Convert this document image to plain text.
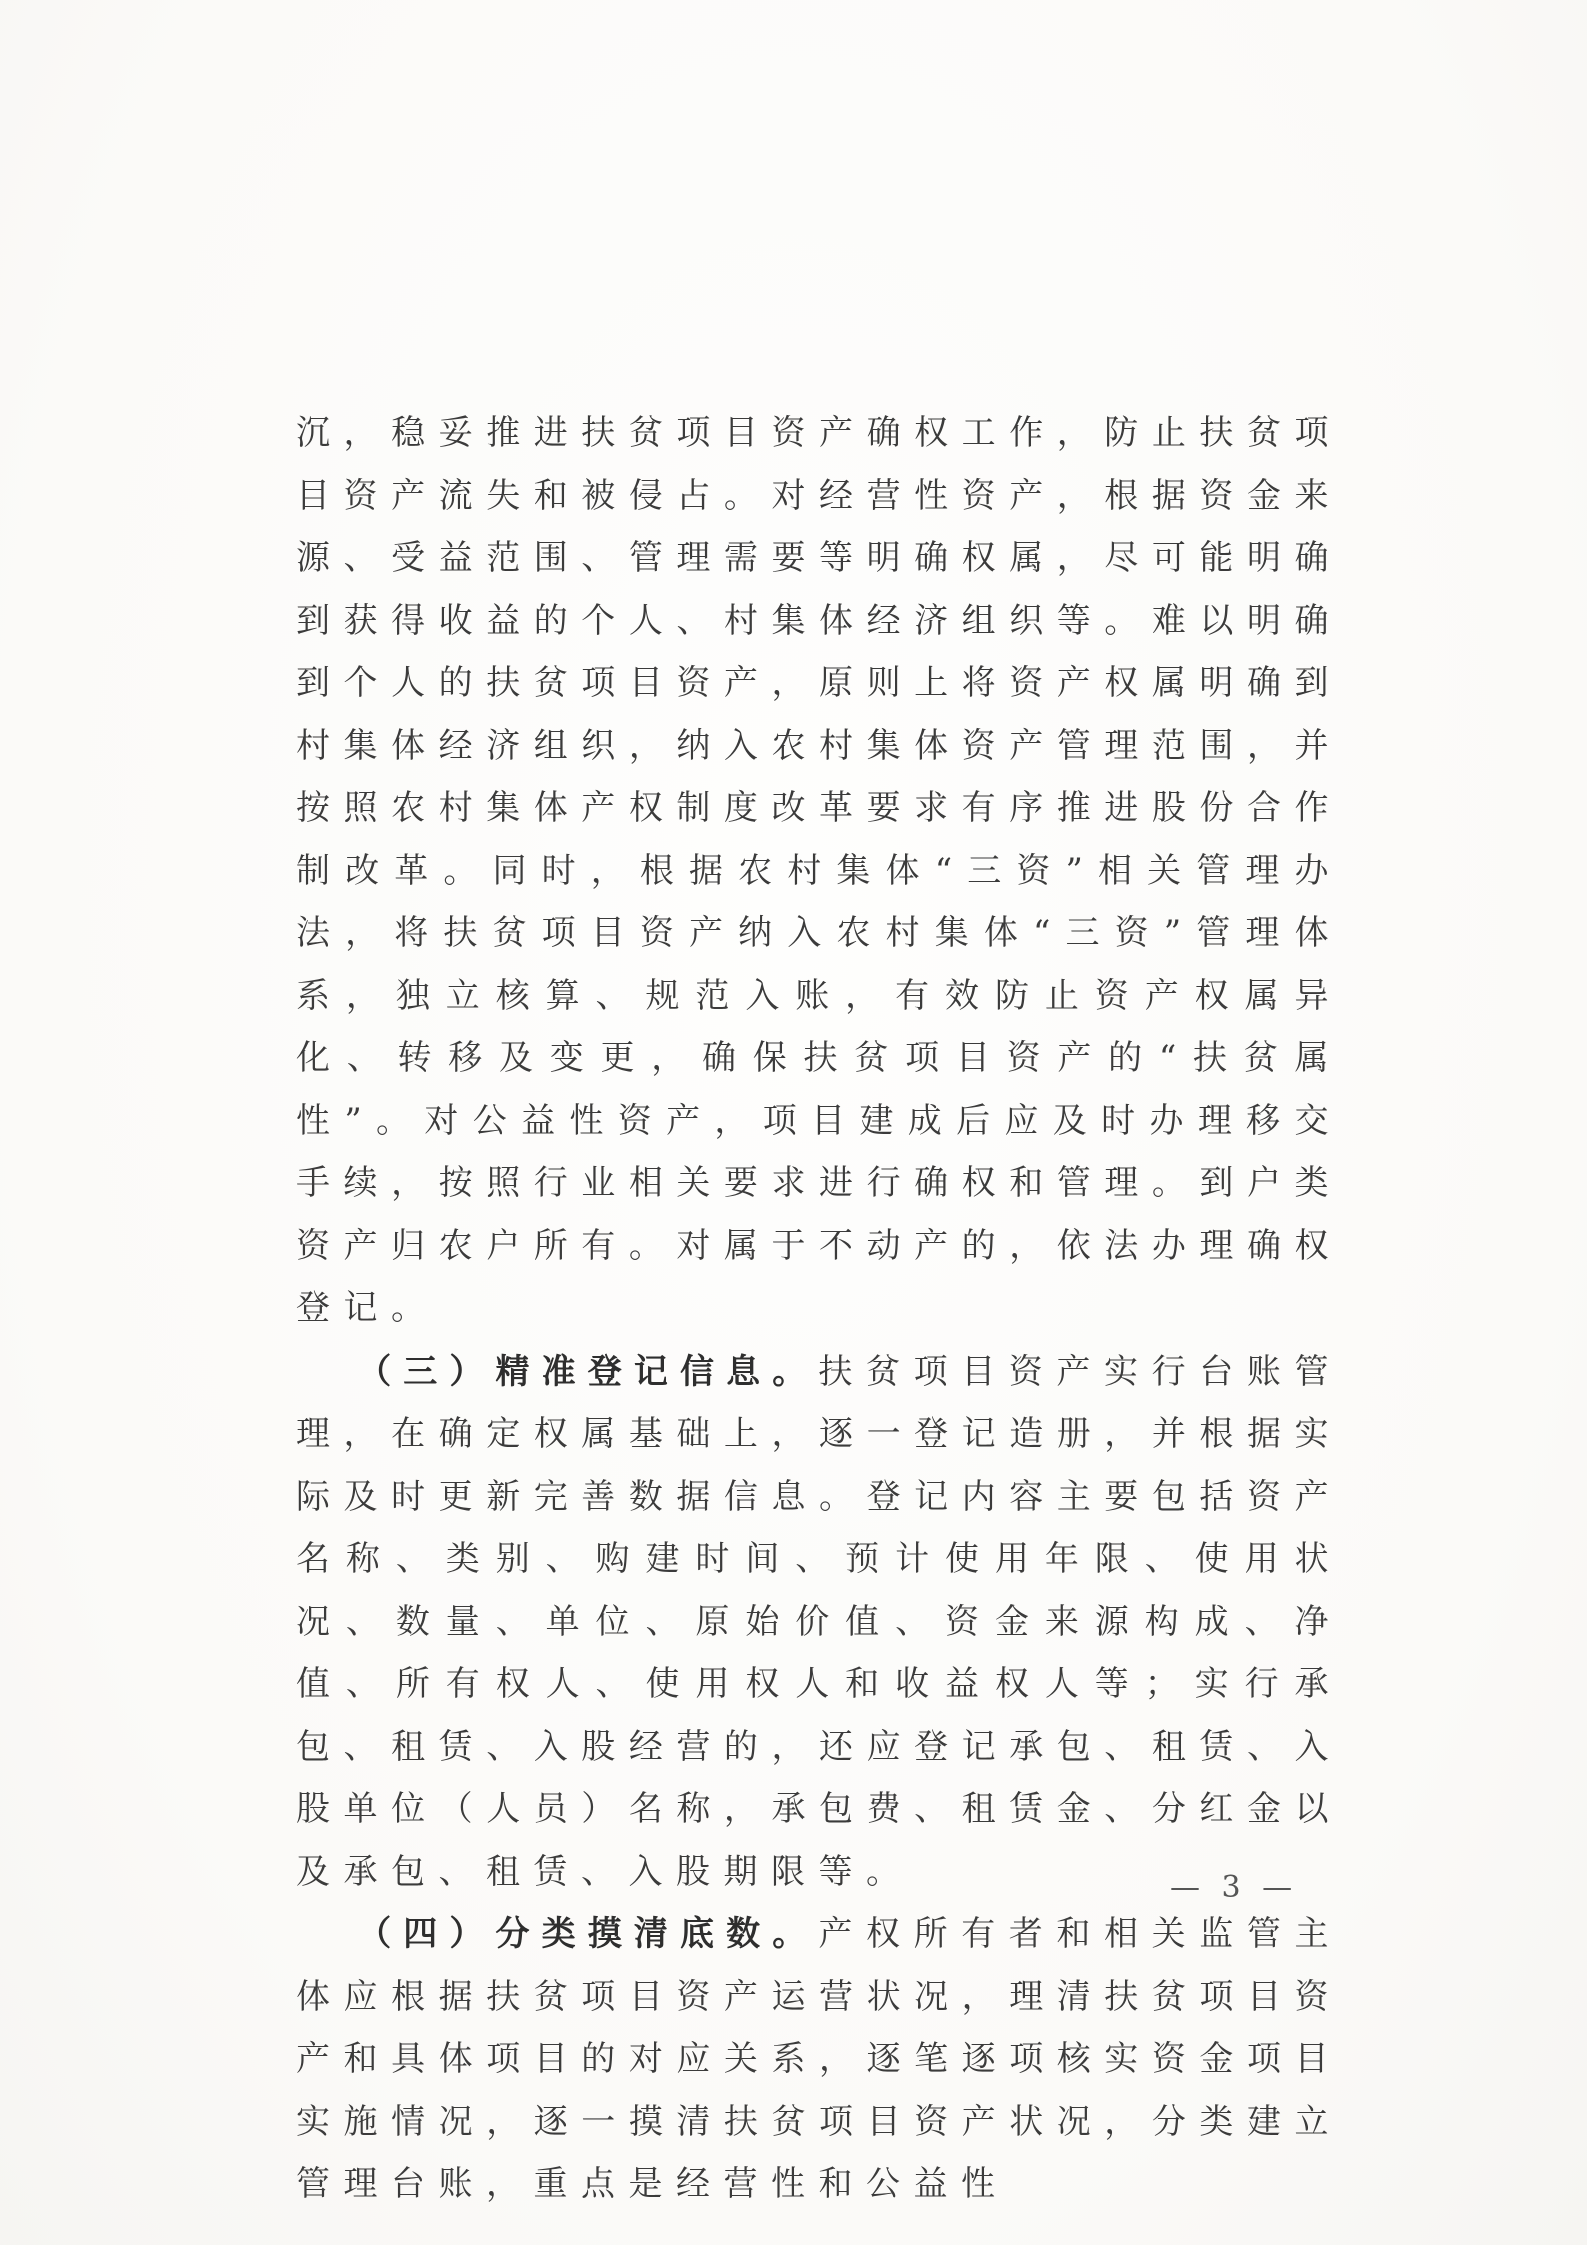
沉，稳妥推进扶贫项目资产确权工作，防止扶贫项目资产流失和被侵占。对经营性资产，根据资金来源、受益范围、管理需要等明确权属，尽可能明确到获得收益的个人、村集体经济组织等。难以明确到个人的扶贫项目资产，原则上将资产权属明确到村集体经济组织，纳入农村集体资产管理范围，并按照农村集体产权制度改革要求有序推进股份合作制改革。同时，根据农村集体“三资”相关管理办法，将扶贫项目资产纳入农村集体“三资”管理体系，独立核算、规范入账，有效防止资产权属异化、转移及变更，确保扶贫项目资产的“扶贫属性”。对公益性资产，项目建成后应及时办理移交手续，按照行业相关要求进行确权和管理。到户类资产归农户所有。对属于不动产的，依法办理确权登记。

（三）精准登记信息。扶贫项目资产实行台账管理，在确定权属基础上，逐一登记造册，并根据实际及时更新完善数据信息。登记内容主要包括资产名称、类别、购建时间、预计使用年限、使用状况、数量、单位、原始价值、资金来源构成、净值、所有权人、使用权人和收益权人等；实行承包、租赁、入股经营的，还应登记承包、租赁、入股单位（人员）名称，承包费、租赁金、分红金以及承包、租赁、入股期限等。

（四）分类摸清底数。产权所有者和相关监管主体应根据扶贫项目资产运营状况，理清扶贫项目资产和具体项目的对应关系，逐笔逐项核实资金项目实施情况，逐一摸清扶贫项目资产状况，分类建立管理台账，重点是经营性和公益性

— 3 —
